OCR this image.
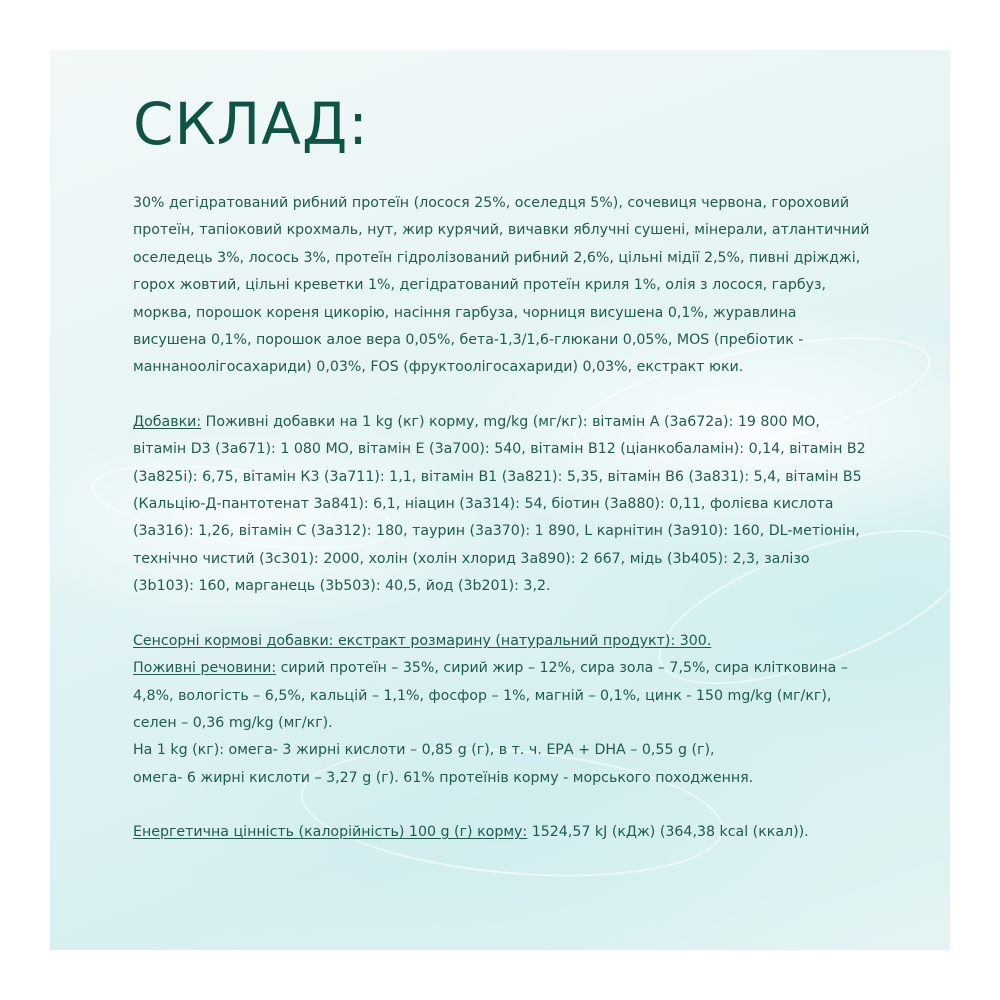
СКЛАД:

30% дегідратований рибний протеїн (лосося 25%, оселедця 5%), сочевиця червона, гороховий протеїн, тапіоковий крохмаль, нут, жир курячий, вичавки яблучні сушені, мінерали, атлантичний оселедець 3%, лосось 3%, протеїн гідролізований рибний 2,6%, цільні мідії 2,5%, пивні дріжджі, горох жовтий, цільні креветки 1%, дегідратований протеїн криля 1%, олія з лосося, гарбуз, морква, порошок кореня цикорію, насіння гарбуза, чорниця висушена 0,1%, журавлина висушена 0,1%, порошок алое вера 0,05%, бета-1,3/1,6-глюкани 0,05%, MOS (пребіотик - маннаноолігосахариди) 0,03%, FOS (фруктоолігосахариди) 0,03%, екстракт юки.

Добавки: Поживні добавки на 1 kg (кг) корму, mg/kg (мг/кг): вітамін А (3a672a): 19 800 МО, вітамін D3 (3a671): 1 080 МО, вітамін Е (3a700): 540, вітамін В12 (ціанкобаламін): 0,14, вітамін В2 (3a825i): 6,75, вітамін К3 (3a711): 1,1, вітамін В1 (3a821): 5,35, вітамін В6 (3a831): 5,4, вітамін В5 (Кальцію-Д-пантотенат 3a841): 6,1, ніацин (3a314): 54, біотин (3a880): 0,11, фолієва кислота (3a316): 1,26, вітамін С (3a312): 180, таурин (3a370): 1 890, L карнітин (3a910): 160, DL-метіонін, технічно чистий (3c301): 2000, холін (холін хлорид 3a890): 2 667, мідь (3b405): 2,3, залізо (3b103): 160, марганець (3b503): 40,5, йод (3b201): 3,2.

Сенсорні кормові добавки: екстракт розмарину (натуральний продукт): 300.

Поживні речовини: сирий протеїн – 35%, сирий жир – 12%, сира зола – 7,5%, сира клітковина – 4,8%, вологість – 6,5%, кальцій – 1,1%, фосфор – 1%, магній – 0,1%, цинк - 150 mg/kg (мг/кг), селен – 0,36 mg/kg (мг/кг).

На 1 kg (кг): омега- 3 жирні кислоти – 0,85 g (г), в т. ч. ЕРА + DHA – 0,55 g (г),

омега- 6 жирні кислоти – 3,27 g (г). 61% протеїнів корму - морського походження.

Енергетична цінність (калорійність) 100 g (г) корму: 1524,57 kJ (кДж) (364,38 kcal (ккал)).
